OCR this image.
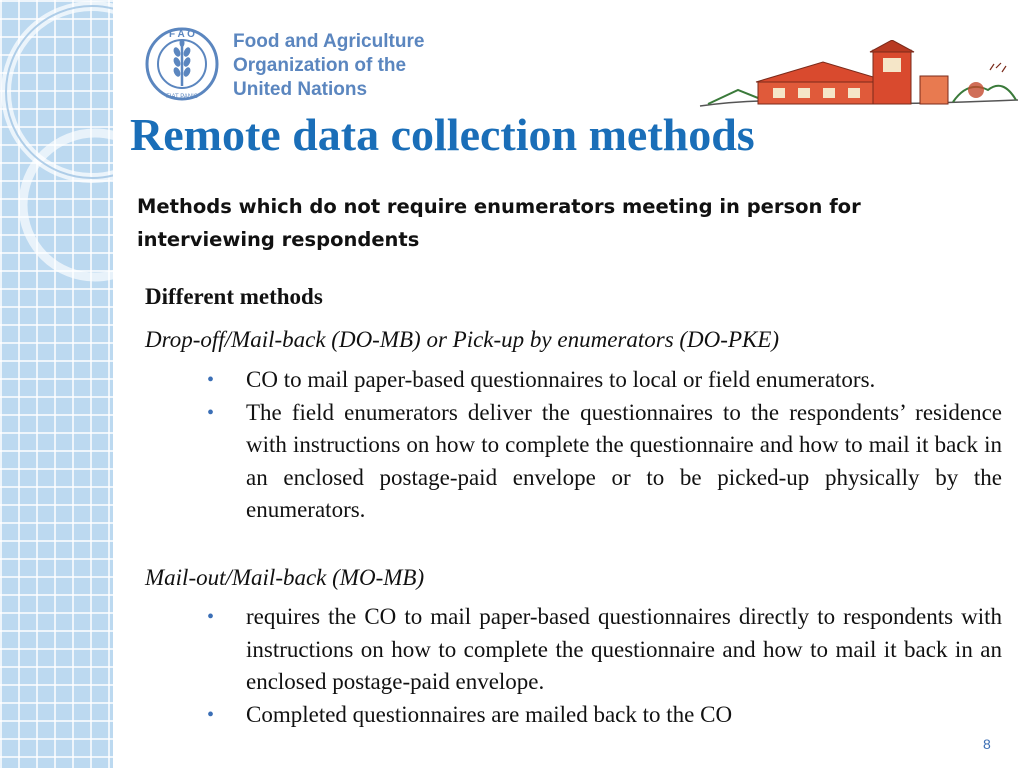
F A O
FIAT PANIS
Food and Agriculture
Organization of the
United Nations
Remote data collection methods
Methods which do not require enumerators meeting in person for interviewing respondents
Different methods
Drop-off/Mail-back (DO-MB) or Pick-up by enumerators (DO-PKE)
• CO to mail paper-based questionnaires to local or field enumerators.
• The field enumerators deliver the questionnaires to the respondents’ residence with instructions on how to complete the questionnaire and how to mail it back in an enclosed postage-paid envelope or to be picked-up physically by the enumerators.
Mail-out/Mail-back (MO-MB)
• requires the CO to mail paper-based questionnaires directly to respondents with instructions on how to complete the questionnaire and how to mail it back in an enclosed postage-paid envelope.
• Completed questionnaires are mailed back to the CO
8
